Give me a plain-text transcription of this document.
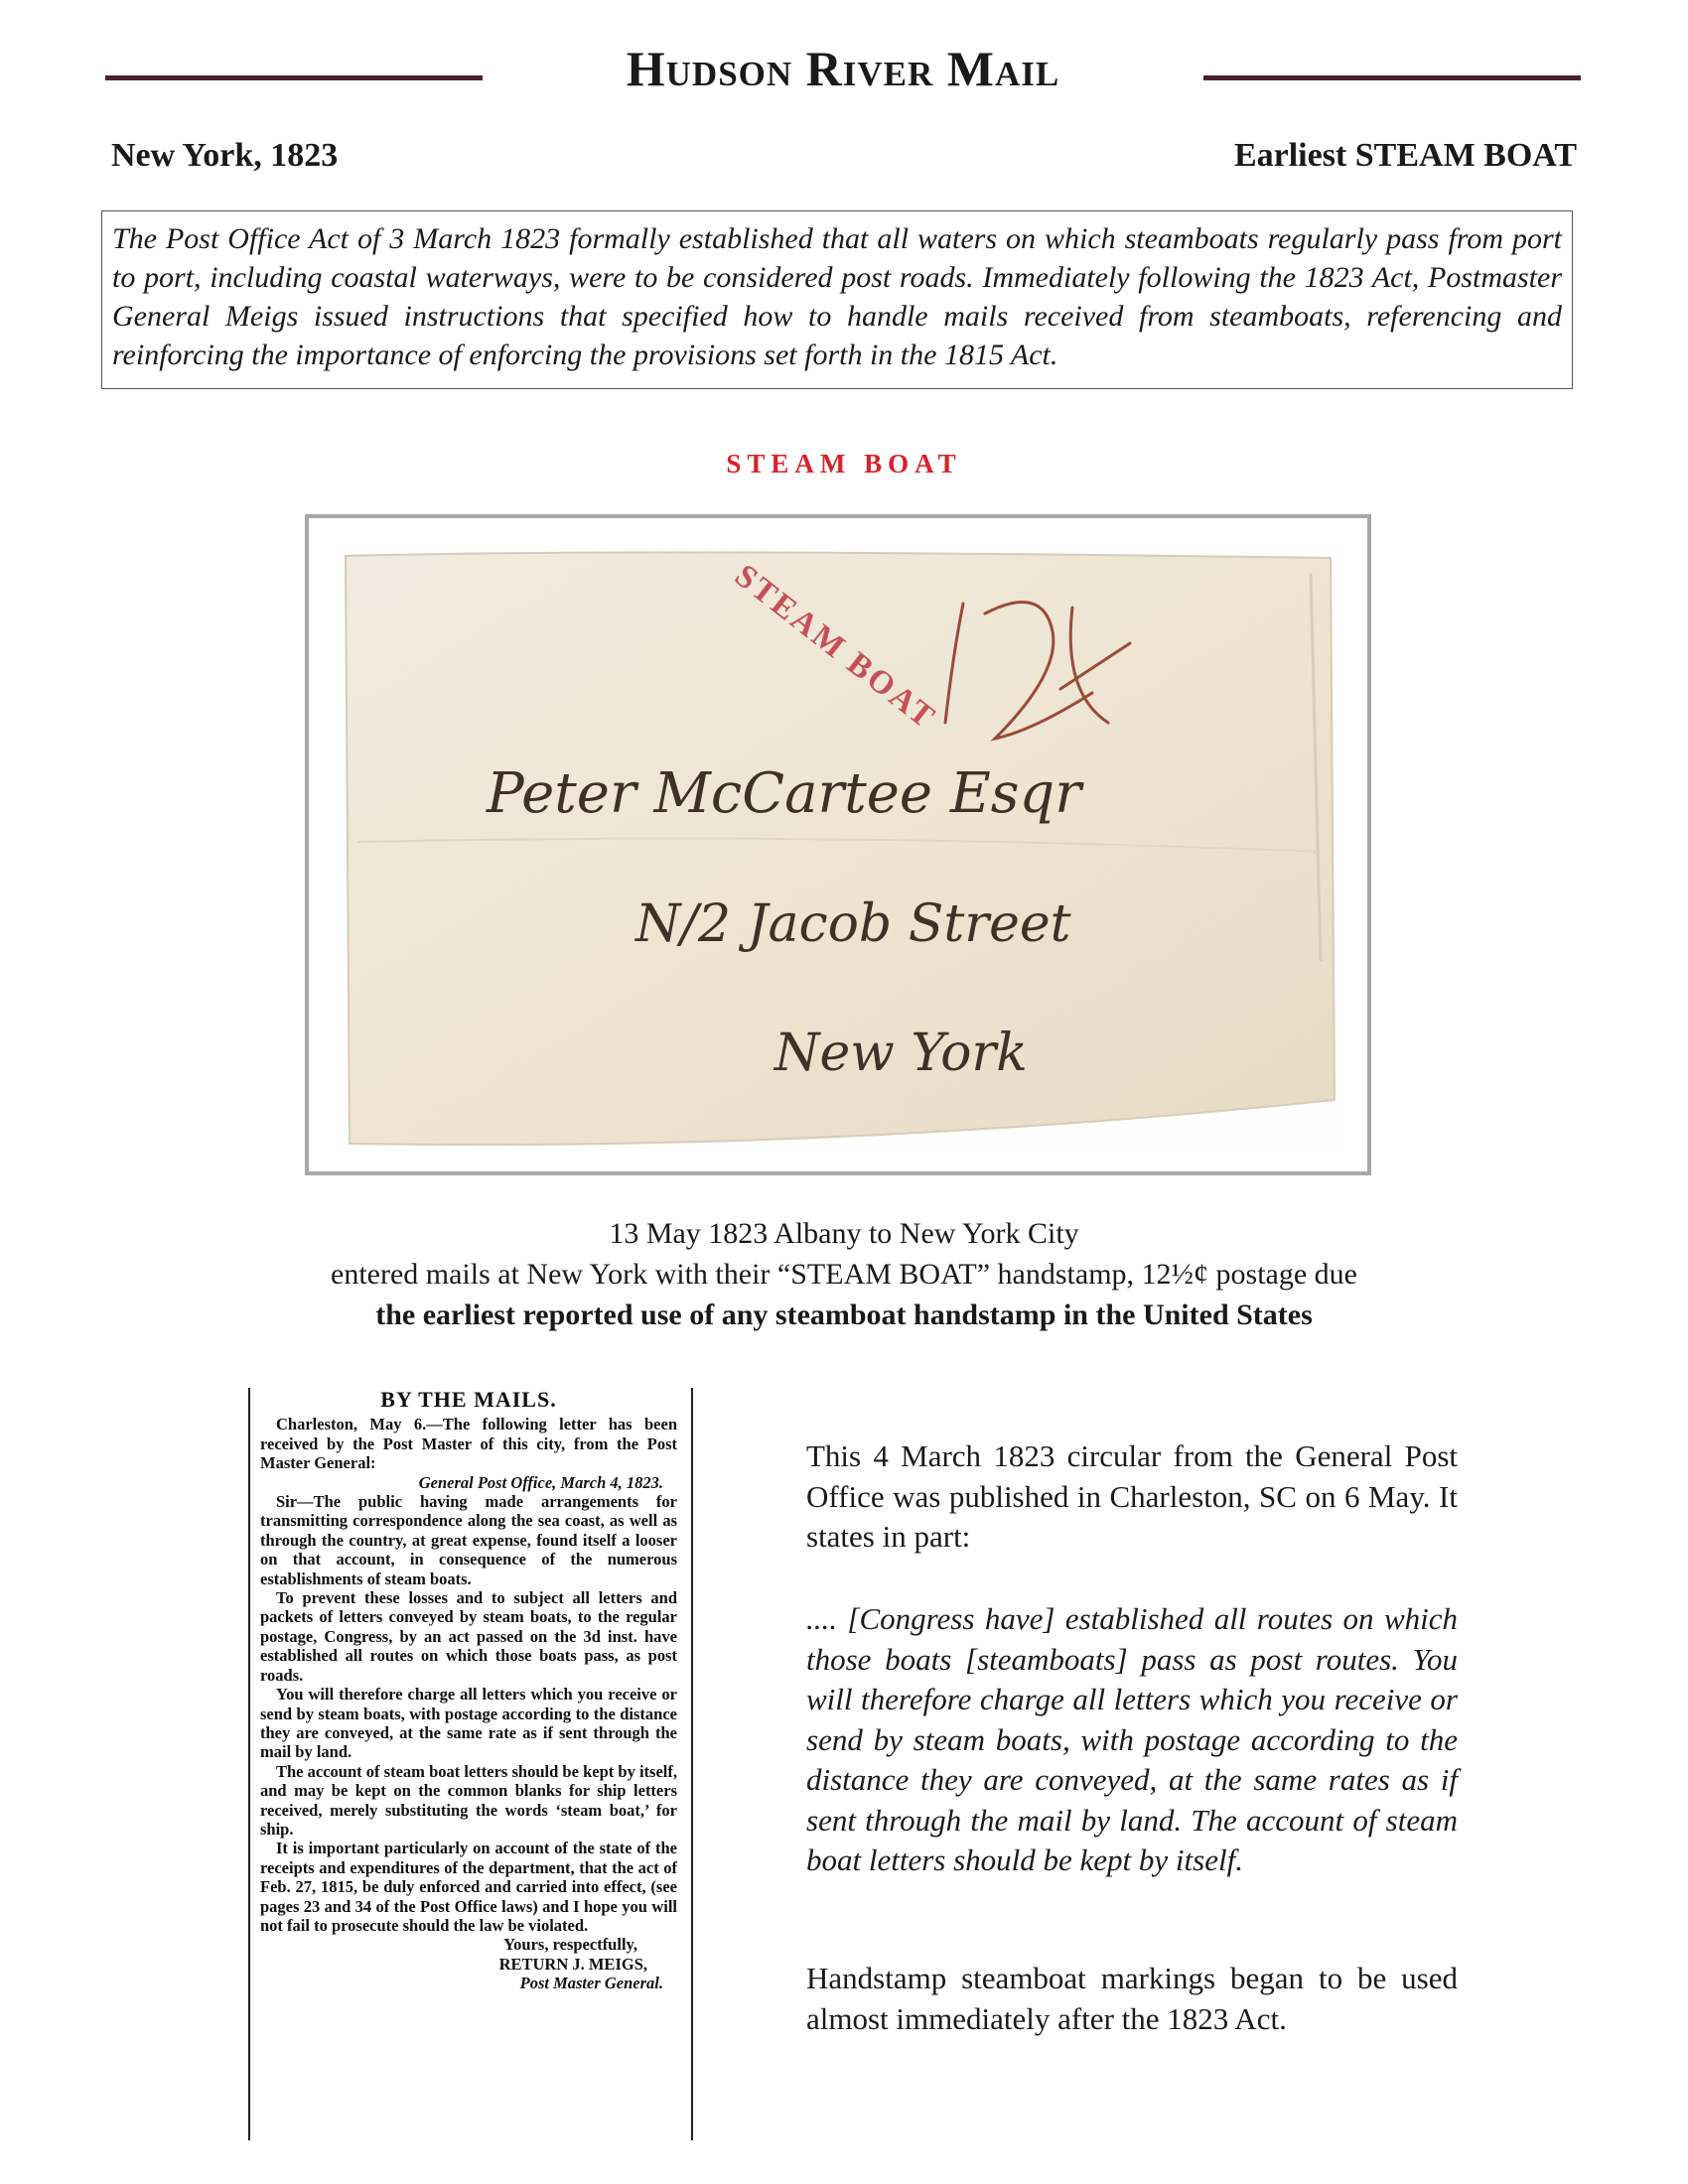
Hudson River Mail
New York, 1823	Earliest STEAM BOAT
The Post Office Act of 3 March 1823 formally established that all waters on which steamboats regularly pass from port to port, including coastal waterways, were to be considered post roads. Immediately following the 1823 Act, Postmaster General Meigs issued instructions that specified how to handle mails received from steamboats, referencing and reinforcing the importance of enforcing the provisions set forth in the 1815 Act.
STEAM BOAT
STEAM BOAT	12½
Peter McCartee Esqr
N/2 Jacob Street
New York
13 May 1823 Albany to New York City
entered mails at New York with their “STEAM BOAT” handstamp, 12½¢ postage due
the earliest reported use of any steamboat handstamp in the United States
BY THE MAILS.

Charleston, May 6.—The following letter has been received by the Post Master of this city, from the Post Master General:

General Post Office, March 4, 1823.

Sir—The public having made arrangements for transmitting correspondence along the sea coast, as well as through the country, at great expense, found itself a looser on that account, in consequence of the numerous establishments of steam boats.

To prevent these losses and to subject all letters and packets of letters conveyed by steam boats, to the regular postage, Congress, by an act passed on the 3d inst. have established all routes on which those boats pass, as post roads.

You will therefore charge all letters which you receive or send by steam boats, with postage according to the distance they are conveyed, at the same rate as if sent through the mail by land.

The account of steam boat letters should be kept by itself, and may be kept on the common blanks for ship letters received, merely substituting the words ‘steam boat,’ for ship.

It is important particularly on account of the state of the receipts and expenditures of the department, that the act of Feb. 27, 1815, be duly enforced and carried into effect, (see pages 23 and 34 of the Post Office laws) and I hope you will not fail to prosecute should the law be violated.

Yours, respectfully,
RETURN J. MEIGS,
Post Master General.
This 4 March 1823 circular from the General Post Office was published in Charleston, SC on 6 May. It states in part:
.... [Congress have] established all routes on which those boats [steamboats] pass as post routes. You will therefore charge all letters which you receive or send by steam boats, with postage according to the distance they are conveyed, at the same rates as if sent through the mail by land. The account of steam boat letters should be kept by itself.
Handstamp steamboat markings began to be used almost immediately after the 1823 Act.
